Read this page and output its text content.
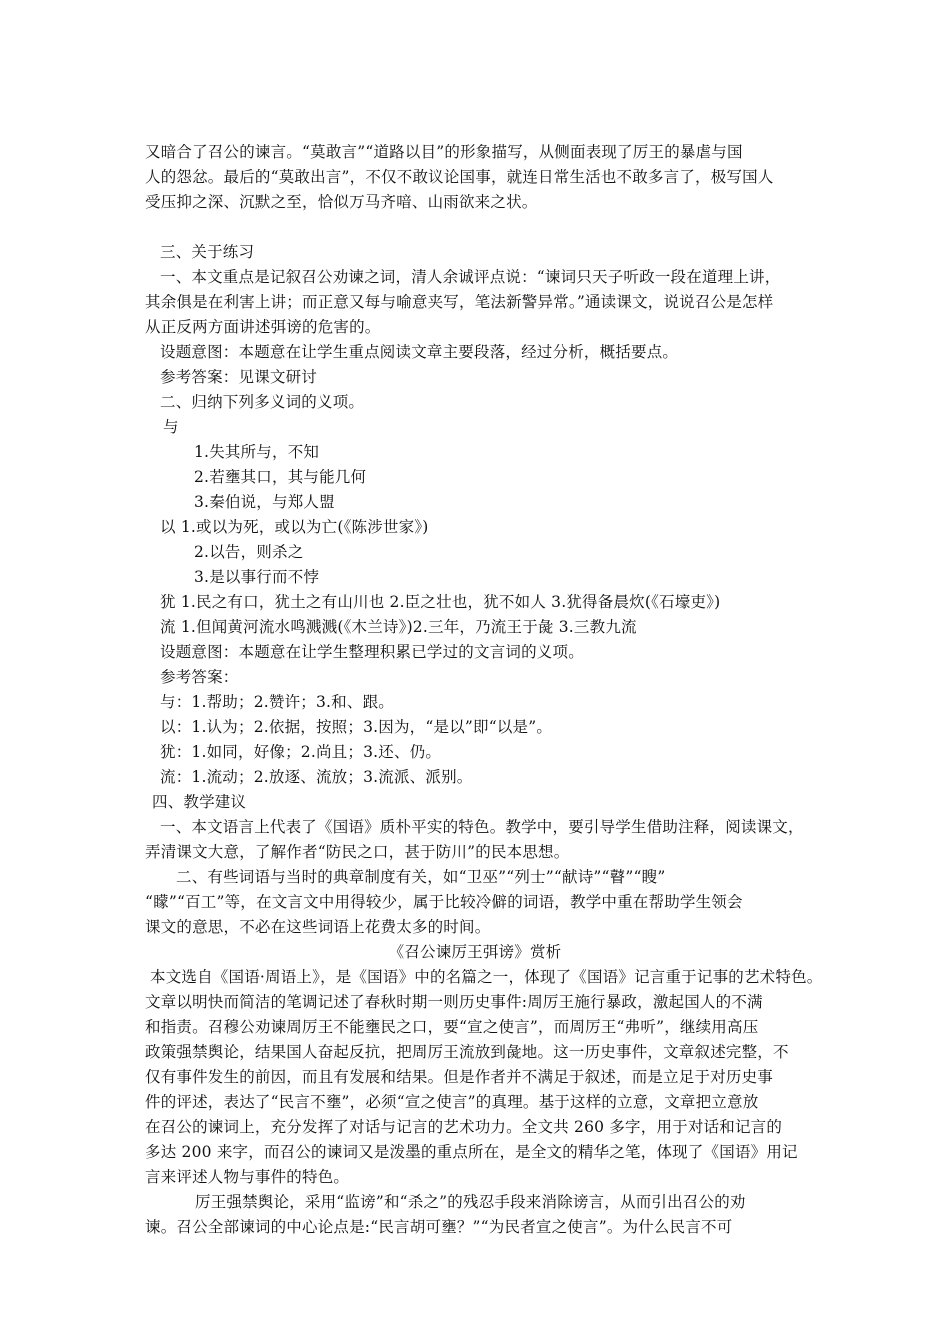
又暗合了召公的谏言。“莫敢言”“道路以目”的形象描写，从侧面表现了厉王的暴虐与国
人的怨忿。最后的“莫敢出言”，不仅不敢议论国事，就连日常生活也不敢多言了，极写国人
受压抑之深、沉默之至，恰似万马齐喑、山雨欲来之状。
三、关于练习
一、本文重点是记叙召公劝谏之词，清人余诚评点说：“谏词只天子听政一段在道理上讲，
其余俱是在利害上讲；而正意又每与喻意夹写，笔法新警异常。”通读课文，说说召公是怎样
从正反两方面讲述弭谤的危害的。
设题意图：本题意在让学生重点阅读文章主要段落，经过分析，概括要点。
参考答案：见课文研讨
二、归纳下列多义词的义项。
与
1.失其所与，不知
2.若壅其口，其与能几何
3.秦伯说，与郑人盟
以 1.或以为死，或以为亡(《陈涉世家》)
2.以告，则杀之
3.是以事行而不悖
犹 1.民之有口，犹土之有山川也 2.臣之壮也，犹不如人 3.犹得备晨炊(《石壕吏》)
流 1.但闻黄河流水鸣溅溅(《木兰诗》)2.三年，乃流王于彘 3.三教九流
设题意图：本题意在让学生整理积累已学过的文言词的义项。
参考答案：
与：1.帮助；2.赞许；3.和、跟。
以：1.认为；2.依据，按照；3.因为，“是以”即“以是”。
犹：1.如同，好像；2.尚且；3.还、仍。
流：1.流动；2.放逐、流放；3.流派、派别。
四、教学建议
一、本文语言上代表了《国语》质朴平实的特色。教学中，要引导学生借助注释，阅读课文，
弄清课文大意，了解作者“防民之口，甚于防川”的民本思想。
二、有些词语与当时的典章制度有关，如“卫巫”“列士”“献诗”“瞽”“瞍”
“矇”“百工”等，在文言文中用得较少，属于比较冷僻的词语，教学中重在帮助学生领会
课文的意思，不必在这些词语上花费太多的时间。
《召公谏厉王弭谤》赏析
本文选自《国语·周语上》，是《国语》中的名篇之一，体现了《国语》记言重于记事的艺术特色。
文章以明快而简洁的笔调记述了春秋时期一则历史事件:周厉王施行暴政，激起国人的不满
和指责。召穆公劝谏周厉王不能壅民之口，要“宣之使言”，而周厉王“弗听”，继续用高压
政策强禁舆论，结果国人奋起反抗，把周厉王流放到彘地。这一历史事件，文章叙述完整，不
仅有事件发生的前因，而且有发展和结果。但是作者并不满足于叙述，而是立足于对历史事
件的评述，表达了“民言不壅”，必须“宣之使言”的真理。基于这样的立意，文章把立意放
在召公的谏词上，充分发挥了对话与记言的艺术功力。全文共 260 多字，用于对话和记言的
多达 200 来字，而召公的谏词又是泼墨的重点所在，是全文的精华之笔，体现了《国语》用记
言来评述人物与事件的特色。
厉王强禁舆论，采用“监谤”和“杀之”的残忍手段来消除谤言，从而引出召公的劝
谏。召公全部谏词的中心论点是:“民言胡可壅？”“为民者宣之使言”。为什么民言不可
